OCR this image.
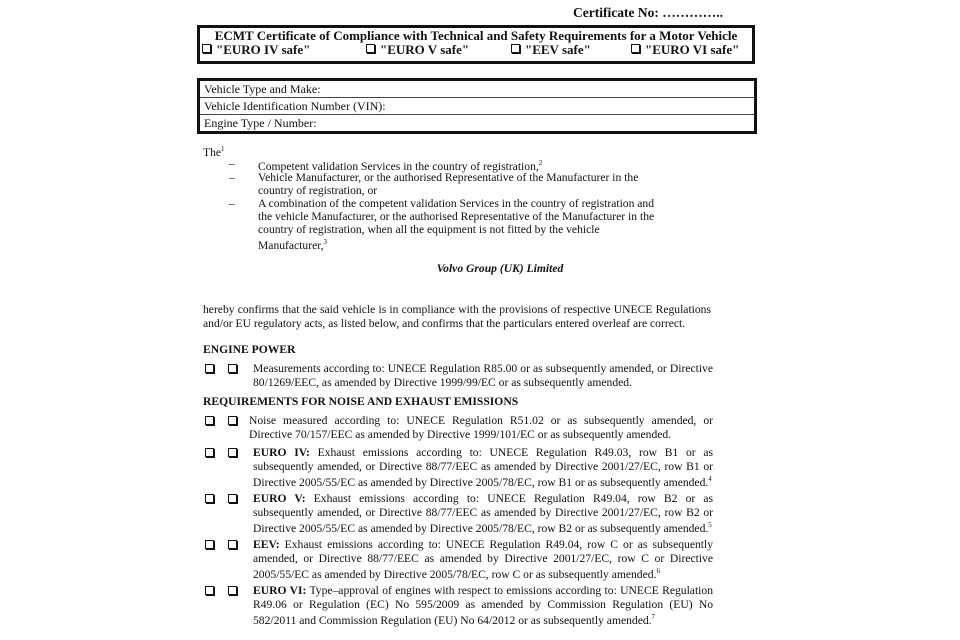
Certificate No: …………..
ECMT Certificate of Compliance with Technical and Safety Requirements for a Motor Vehicle
"EURO IV safe"	"EURO V safe"	"EEV safe"	"EURO VI safe"
Vehicle Type and Make:
Vehicle Identification Number (VIN):
Engine Type / Number:
The$^1$
– Competent validation Services in the country of registration,$^2$
– Vehicle Manufacturer, or the authorised Representative of the Manufacturer in the country of registration, or
– A combination of the competent validation Services in the country of registration and the vehicle Manufacturer, or the authorised Representative of the Manufacturer in the country of registration, when all the equipment is not fitted by the vehicle Manufacturer,$^3$
Volvo Group (UK) Limited
hereby confirms that the said vehicle is in compliance with the provisions of respective UNECE Regulations and/or EU regulatory acts, as listed below, and confirms that the particulars entered overleaf are correct.
ENGINE POWER
Measurements according to: UNECE Regulation R85.00 or as subsequently amended, or Directive 80/1269/EEC, as amended by Directive 1999/99/EC or as subsequently amended.
REQUIREMENTS FOR NOISE AND EXHAUST EMISSIONS
Noise measured according to: UNECE Regulation R51.02 or as subsequently amended, or Directive 70/157/EEC as amended by Directive 1999/101/EC or as subsequently amended.
EURO IV: Exhaust emissions according to: UNECE Regulation R49.03, row B1 or as subsequently amended, or Directive 88/77/EEC as amended by Directive 2001/27/EC, row B1 or Directive 2005/55/EC as amended by Directive 2005/78/EC, row B1 or as subsequently amended.$^4$
EURO V: Exhaust emissions according to: UNECE Regulation R49.04, row B2 or as subsequently amended, or Directive 88/77/EEC as amended by Directive 2001/27/EC, row B2 or Directive 2005/55/EC as amended by Directive 2005/78/EC, row B2 or as subsequently amended.$^5$
EEV: Exhaust emissions according to: UNECE Regulation R49.04, row C or as subsequently amended, or Directive 88/77/EEC as amended by Directive 2001/27/EC, row C or Directive 2005/55/EC as amended by Directive 2005/78/EC, row C or as subsequently amended.$^6$
EURO VI: Type–approval of engines with respect to emissions according to: UNECE Regulation R49.06 or Regulation (EC) No 595/2009 as amended by Commission Regulation (EU) No 582/2011 and Commission Regulation (EU) No 64/2012 or as subsequently amended.$^7$
